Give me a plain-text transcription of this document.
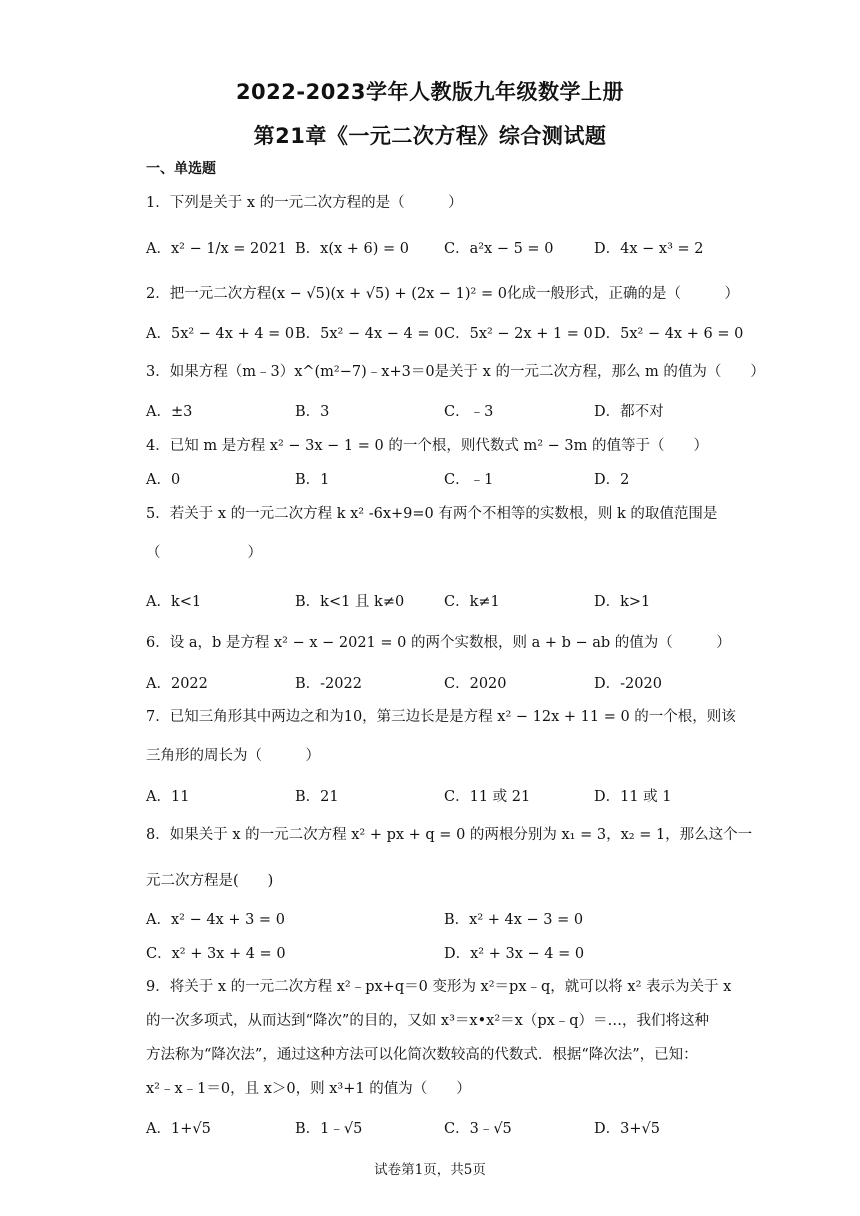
2022-2023学年人教版九年级数学上册
第21章《一元二次方程》综合测试题
一、单选题
1．下列是关于 x 的一元二次方程的是（　　　）
A．x² − 1/x = 2021 B．x(x + 6) = 0 C．a²x − 5 = 0	D．4x − x³ = 2
2．把一元二次方程(x − √5)(x + √5) + (2x − 1)² = 0化成一般形式，正确的是（　　　）
A．5x² − 4x + 4 = 0 B．5x² − 4x − 4 = 0 C．5x² − 2x + 1 = 0 D．5x² − 4x + 6 = 0
3．如果方程（m﹣3）x^(m²−7)﹣x+3＝0是关于 x 的一元二次方程，那么 m 的值为（　　）
A．±3	B．3	C．﹣3	D．都不对
4．已知 m 是方程 x² − 3x − 1 = 0 的一个根，则代数式 m² − 3m 的值等于（　　）
A．0	B．1	C．﹣1	D．2
5．若关于 x 的一元二次方程 k x² -6x+9=0 有两个不相等的实数根，则 k 的取值范围是
（　　　　　　）
A．k<1	B．k<1 且 k≠0	C．k≠1	D．k>1
6．设 a，b 是方程 x² − x − 2021 = 0 的两个实数根，则 a + b − ab 的值为（　　　）
A．2022	B．-2022	C．2020	D．-2020
7．已知三角形其中两边之和为10，第三边长是是方程 x² − 12x + 11 = 0 的一个根，则该
三角形的周长为（　　　）
A．11	B．21	C．11 或 21	D．11 或 1
8．如果关于 x 的一元二次方程 x² + px + q = 0 的两根分别为 x₁ = 3，x₂ = 1，那么这个一
元二次方程是(　　)
A．x² − 4x + 3 = 0	B．x² + 4x − 3 = 0
C．x² + 3x + 4 = 0	D．x² + 3x − 4 = 0
9．将关于 x 的一元二次方程 x²﹣px+q＝0 变形为 x²＝px﹣q，就可以将 x² 表示为关于 x
的一次多项式，从而达到“降次”的目的，又如 x³＝x•x²＝x（px﹣q）＝…，我们将这种
方法称为“降次法”，通过这种方法可以化简次数较高的代数式．根据“降次法”，已知：
x²﹣x﹣1＝0，且 x＞0，则 x³+1 的值为（　　）
A．1+√5	B．1﹣√5	C．3﹣√5	D．3+√5
试卷第1页，共5页
